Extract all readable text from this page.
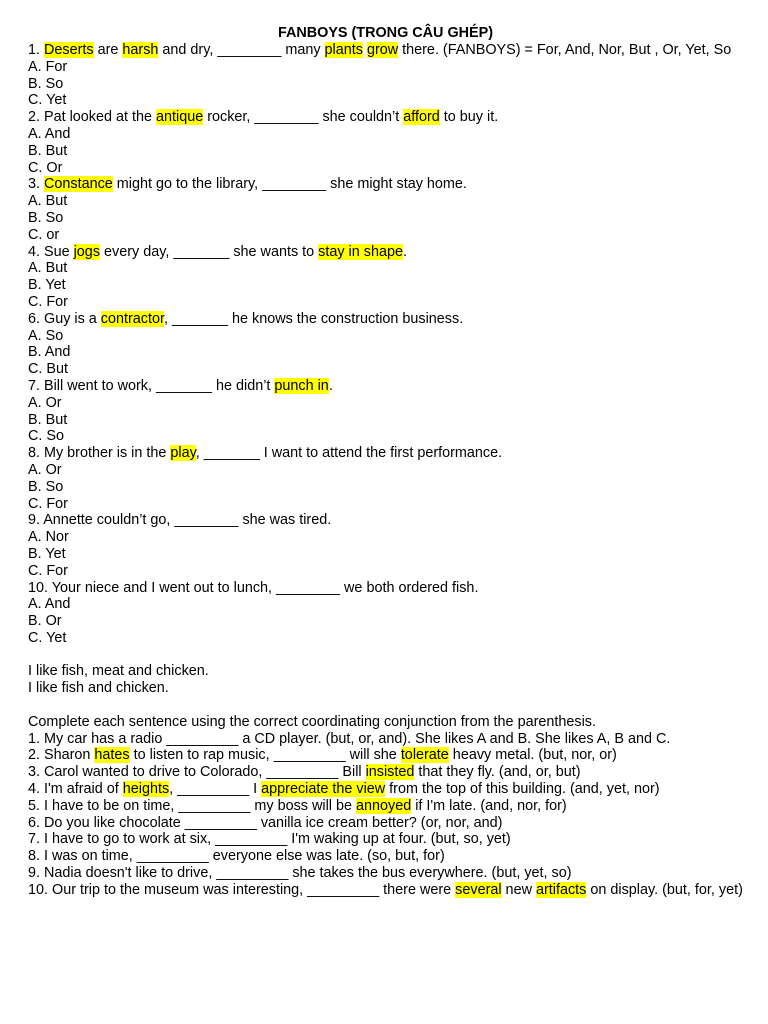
FANBOYS (TRONG CÂU GHÉP)

1. Deserts are harsh and dry, ________ many plants grow there. (FANBOYS) = For, And, Nor, But , Or, Yet, So

A. For

B. So

C. Yet

2. Pat looked at the antique rocker, ________ she couldn’t afford to buy it.

A. And

B. But

C. Or

3. Constance might go to the library, ________ she might stay home.

A. But

B. So

C. or

4. Sue jogs every day, _______ she wants to stay in shape.

A. But

B. Yet

C. For

6. Guy is a contractor, _______ he knows the construction business.

A. So

B. And

C. But

7. Bill went to work, _______ he didn’t punch in.

A. Or

B. But

C. So

8. My brother is in the play, _______ I want to attend the first performance.

A. Or

B. So

C. For

9. Annette couldn’t go, ________ she was tired.

A. Nor

B. Yet

C. For

10. Your niece and I went out to lunch, ________ we both ordered fish.

A. And

B. Or

C. Yet

I like fish, meat and chicken.

I like fish and chicken.

Complete each sentence using the correct coordinating conjunction from the parenthesis.

1. My car has a radio _________ a CD player. (but, or, and). She likes A and B. She likes A, B and C.

2. Sharon hates to listen to rap music, _________ will she tolerate heavy metal. (but, nor, or)

3. Carol wanted to drive to Colorado, _________ Bill insisted that they fly. (and, or, but)

4. I'm afraid of heights, _________ I appreciate the view from the top of this building. (and, yet, nor)

5. I have to be on time, _________ my boss will be annoyed if I'm late. (and, nor, for)

6. Do you like chocolate _________ vanilla ice cream better? (or, nor, and)

7. I have to go to work at six, _________ I'm waking up at four. (but, so, yet)

8. I was on time, _________ everyone else was late. (so, but, for)

9. Nadia doesn't like to drive, _________ she takes the bus everywhere. (but, yet, so)

10. Our trip to the museum was interesting, _________ there were several new artifacts on display. (but, for, yet)
